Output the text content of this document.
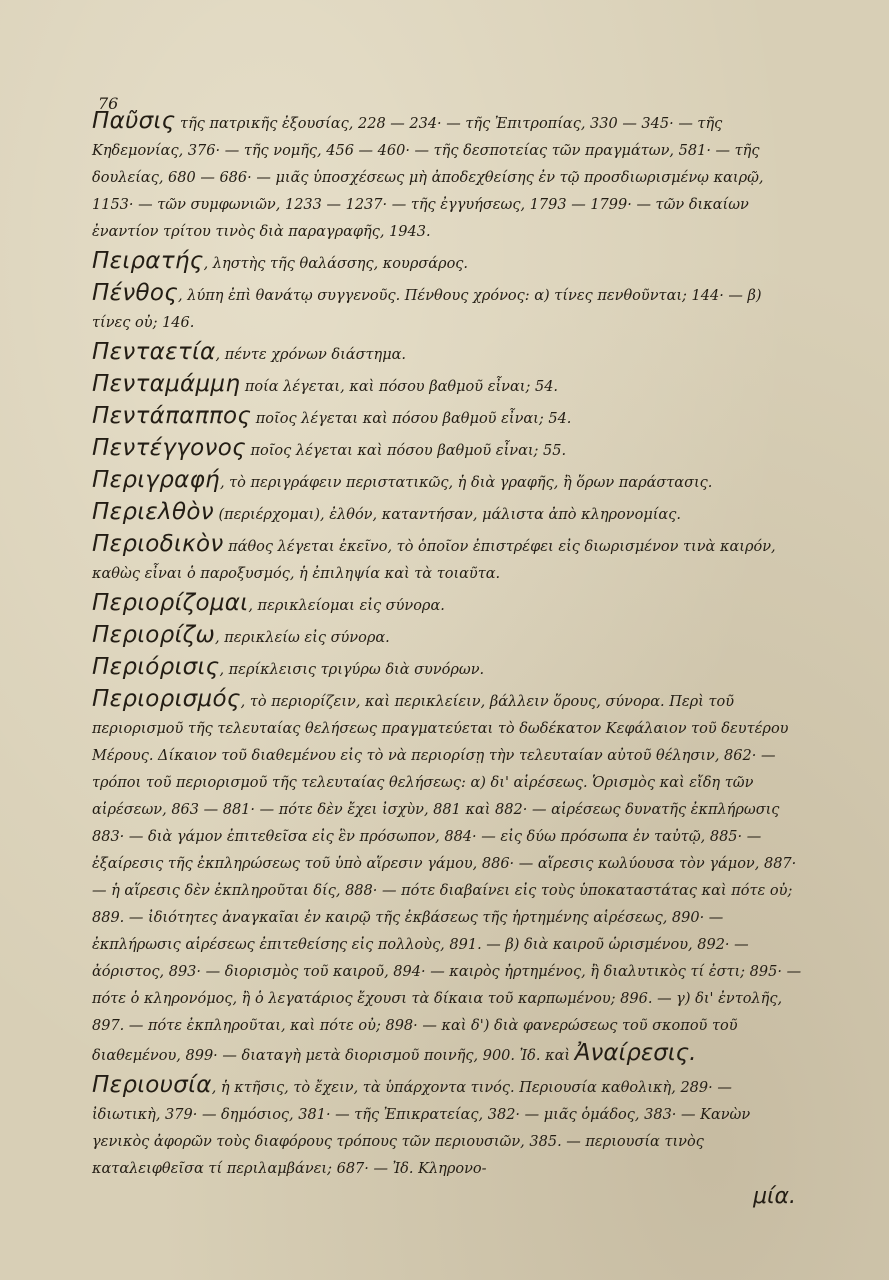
76

Παῦσις τῆς πατρικῆς ἐξουσίας, 228 — 234· — τῆς Ἐπιτροπίας, 330 — 345· — τῆς Κηδεμονίας, 376· — τῆς νομῆς, 456 — 460· — τῆς δεσποτείας τῶν πραγμάτων, 581· — τῆς δουλείας, 680 — 686· — μιᾶς ὑποσχέσεως μὴ ἀποδεχθείσης ἐν τῷ προσδιωρισμένῳ καιρῷ, 1153· — τῶν συμφωνιῶν, 1233 — 1237· — τῆς ἐγγυήσεως, 1793 — 1799· — τῶν δικαίων ἐναντίον τρίτου τινὸς διὰ παραγραφῆς, 1943.

Πειρατής, ληστὴς τῆς θαλάσσης, κουρσάρος.

Πένθος, λύπη ἐπὶ θανάτῳ συγγενοῦς. Πένθους χρόνος: α) τίνες πενθοῦνται; 144· — β) τίνες οὐ; 146.

Πενταετία, πέντε χρόνων διάστημα.

Πενταμάμμη ποία λέγεται, καὶ πόσου βαθμοῦ εἶναι; 54.

Πεντάπαππος ποῖος λέγεται καὶ πόσου βαθμοῦ εἶναι; 54.

Πεντέγγονος ποῖος λέγεται καὶ πόσου βαθμοῦ εἶναι; 55.

Περιγραφή, τὸ περιγράφειν περιστατικῶς, ἡ διὰ γραφῆς, ἢ ὅρων παράστασις.

Περιελθὸν (περιέρχομαι), ἐλθόν, καταντήσαν, μάλιστα ἀπὸ κληρονομίας.

Περιοδικὸν πάθος λέγεται ἐκεῖνο, τὸ ὁποῖον ἐπιστρέφει εἰς διωρισμένον τινὰ καιρόν, καθὼς εἶναι ὁ παροξυσμός, ἡ ἐπιληψία καὶ τὰ τοιαῦτα.

Περιορίζομαι, περικλείομαι εἰς σύνορα.

Περιορίζω, περικλείω εἰς σύνορα.

Περιόρισις, περίκλεισις τριγύρω διὰ συνόρων.

Περιορισμός, τὸ περιορίζειν, καὶ περικλείειν, βάλλειν ὅρους, σύνορα. Περὶ τοῦ περιορισμοῦ τῆς τελευταίας θελήσεως πραγματεύεται τὸ δωδέκατον Κεφάλαιον τοῦ δευτέρου Μέρους. Δίκαιον τοῦ διαθεμένου εἰς τὸ νὰ περιορίσῃ τὴν τελευταίαν αὐτοῦ θέλησιν, 862· — τρόποι τοῦ περιορισμοῦ τῆς τελευταίας θελήσεως: α) δι' αἱρέσεως. Ὁρισμὸς καὶ εἴδη τῶν αἱρέσεων, 863 — 881· — πότε δὲν ἔχει ἰσχὺν, 881 καὶ 882· — αἱρέσεως δυνατῆς ἐκπλήρωσις 883· — διὰ γάμον ἐπιτεθεῖσα εἰς ἓν πρόσωπον, 884· — εἰς δύω πρόσωπα ἐν ταὐτῷ, 885· — ἐξαίρεσις τῆς ἐκπληρώσεως τοῦ ὑπὸ αἵρεσιν γάμου, 886· — αἵρεσις κωλύουσα τὸν γάμον, 887· — ἡ αἵρεσις δὲν ἐκπληροῦται δίς, 888· — πότε διαβαίνει εἰς τοὺς ὑποκαταστάτας καὶ πότε οὐ; 889. — ἰδιότητες ἀναγκαῖαι ἐν καιρῷ τῆς ἐκβάσεως τῆς ἠρτημένης αἱρέσεως, 890· — ἐκπλήρωσις αἱρέσεως ἐπιτεθείσης εἰς πολλοὺς, 891. — β) διὰ καιροῦ ὡρισμένου, 892· — ἀόριστος, 893· — διορισμὸς τοῦ καιροῦ, 894· — καιρὸς ἠρτημένος, ἢ διαλυτικὸς τί ἐστι; 895· — πότε ὁ κληρονόμος, ἢ ὁ λεγατάριος ἔχουσι τὰ δίκαια τοῦ καρπωμένου; 896. — γ) δι' ἐντολῆς, 897. — πότε ἐκπληροῦται, καὶ πότε οὐ; 898· — καὶ δ') διὰ φανερώσεως τοῦ σκοποῦ τοῦ διαθεμένου, 899· — διαταγὴ μετὰ διορισμοῦ ποινῆς, 900. Ἰδ. καὶ Ἀναίρεσις.

Περιουσία, ἡ κτῆσις, τὸ ἔχειν, τὰ ὑπάρχοντα τινός. Περιουσία καθολικὴ, 289· — ἰδιωτικὴ, 379· — δημόσιος, 381· — τῆς Ἐπικρατείας, 382· — μιᾶς ὁμάδος, 383· — Κανὼν γενικὸς ἀφορῶν τοὺς διαφόρους τρόπους τῶν περιουσιῶν, 385. — περιουσία τινὸς καταλειφθεῖσα τί περιλαμβάνει; 687· — Ἰδ. Κληρονο-
μία.
